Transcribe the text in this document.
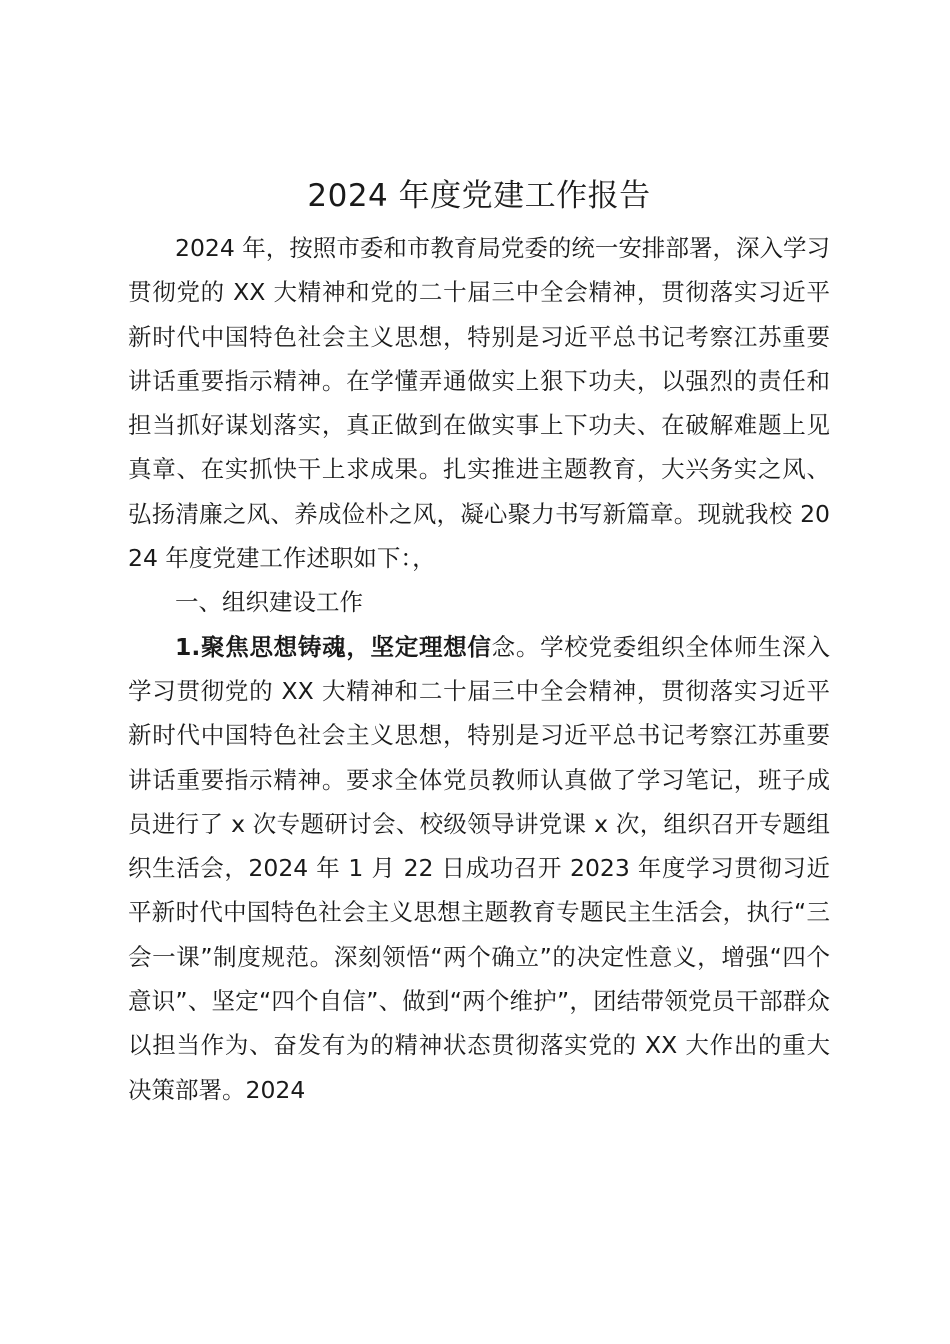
2024 年度党建工作报告

2024 年，按照市委和市教育局党委的统一安排部署，深入学习贯彻党的 XX 大精神和党的二十届三中全会精神，贯彻落实习近平新时代中国特色社会主义思想，特别是习近平总书记考察江苏重要讲话重要指示精神。在学懂弄通做实上狠下功夫，以强烈的责任和担当抓好谋划落实，真正做到在做实事上下功夫、在破解难题上见真章、在实抓快干上求成果。扎实推进主题教育，大兴务实之风、弘扬清廉之风、养成俭朴之风，凝心聚力书写新篇章。现就我校 2024 年度党建工作述职如下：，

一、组织建设工作

1.聚焦思想铸魂，坚定理想信念。学校党委组织全体师生深入学习贯彻党的 XX 大精神和二十届三中全会精神，贯彻落实习近平新时代中国特色社会主义思想，特别是习近平总书记考察江苏重要讲话重要指示精神。要求全体党员教师认真做了学习笔记，班子成员进行了 x 次专题研讨会、校级领导讲党课 x 次，组织召开专题组织生活会，2024 年 1 月 22 日成功召开 2023 年度学习贯彻习近平新时代中国特色社会主义思想主题教育专题民主生活会，执行“三会一课”制度规范。深刻领悟“两个确立”的决定性意义，增强“四个意识”、坚定“四个自信”、做到“两个维护”，团结带领党员干部群众以担当作为、奋发有为的精神状态贯彻落实党的 XX 大作出的重大决策部署。2024
